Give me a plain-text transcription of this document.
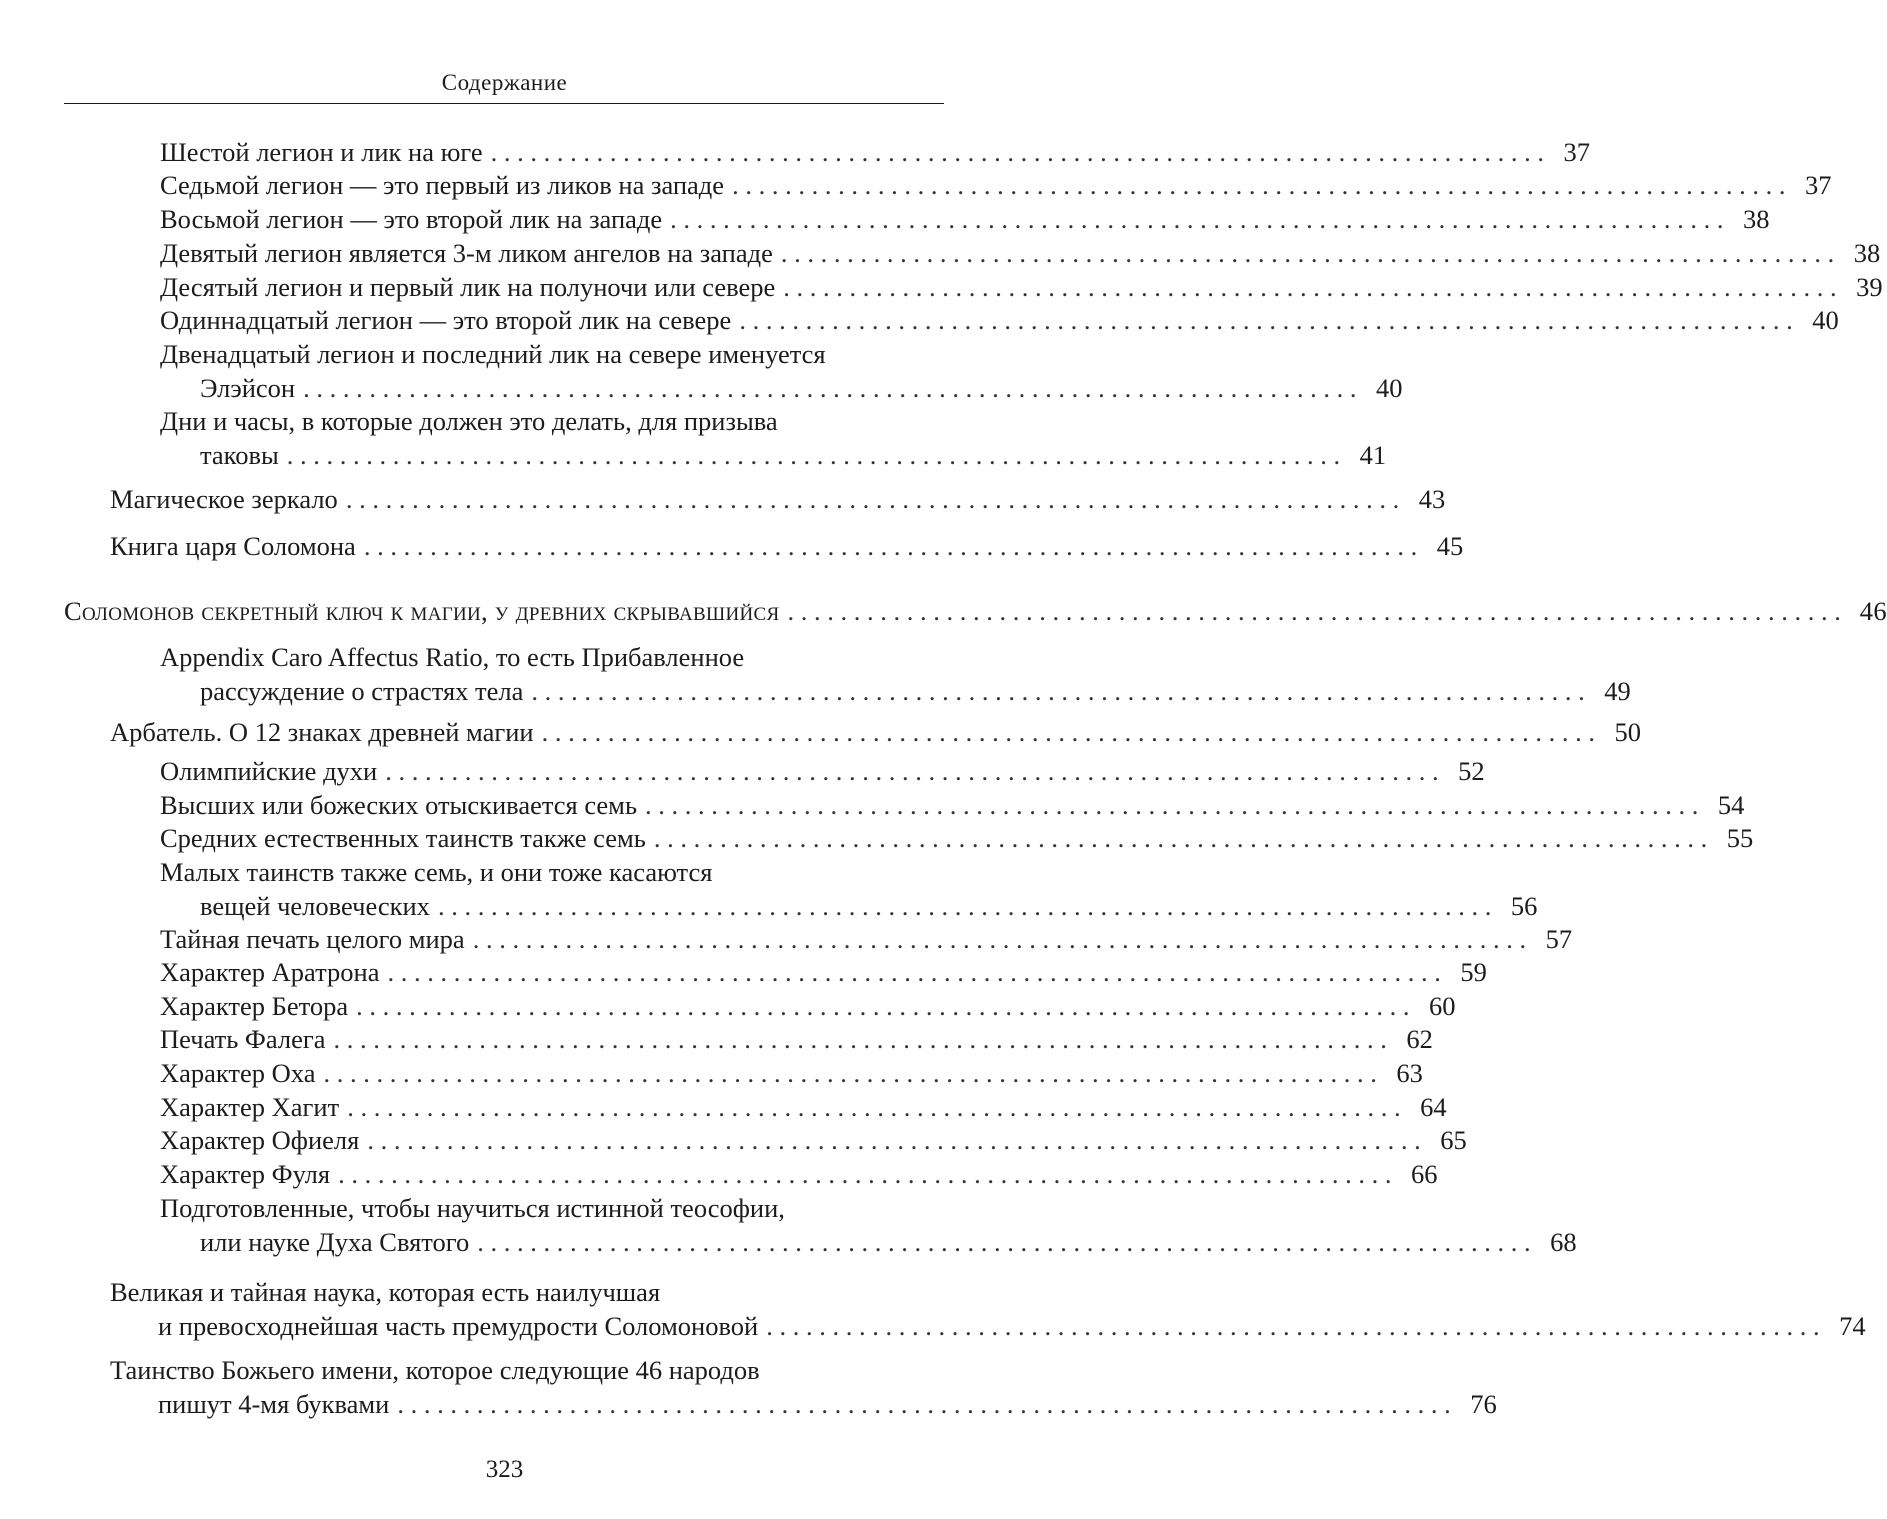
Содержание
Шестой легион и лик на юге . . . . . . . . . . . . . . . . . . . . . . . . . . . . . . . . . . . . . . . . . . . . . . . . . . . . . . . . . . . . . . . . . . . . . . . . . . . . . . . . 37
Седьмой легион — это первый из ликов на западе . . . . . . . . . . . . . . . . . . . . . . . . . . . . . . . . . . . . . . . . . . . . . . . . . . . . . . . . . . . . . . . . . . . . . . . . . . . . . . . . 37
Восьмой легион — это второй лик на западе . . . . . . . . . . . . . . . . . . . . . . . . . . . . . . . . . . . . . . . . . . . . . . . . . . . . . . . . . . . . . . . . . . . . . . . . . . . . . . . . 38
Девятый легион является 3-м ликом ангелов на западе . . . . . . . . . . . . . . . . . . . . . . . . . . . . . . . . . . . . . . . . . . . . . . . . . . . . . . . . . . . . . . . . . . . . . . . . . . . . . . . . 38
Десятый легион и первый лик на полуночи или севере . . . . . . . . . . . . . . . . . . . . . . . . . . . . . . . . . . . . . . . . . . . . . . . . . . . . . . . . . . . . . . . . . . . . . . . . . . . . . . . . 39
Одиннадцатый легион — это второй лик на севере . . . . . . . . . . . . . . . . . . . . . . . . . . . . . . . . . . . . . . . . . . . . . . . . . . . . . . . . . . . . . . . . . . . . . . . . . . . . . . . . 40
Двенадцатый легион и последний лик на севере именуется
Элэйсон . . . . . . . . . . . . . . . . . . . . . . . . . . . . . . . . . . . . . . . . . . . . . . . . . . . . . . . . . . . . . . . . . . . . . . . . . . . . . . . . 40
Дни и часы, в которые должен это делать, для призыва
таковы . . . . . . . . . . . . . . . . . . . . . . . . . . . . . . . . . . . . . . . . . . . . . . . . . . . . . . . . . . . . . . . . . . . . . . . . . . . . . . . . 41
Магическое зеркало . . . . . . . . . . . . . . . . . . . . . . . . . . . . . . . . . . . . . . . . . . . . . . . . . . . . . . . . . . . . . . . . . . . . . . . . . . . . . . . . 43
Книга царя Соломона . . . . . . . . . . . . . . . . . . . . . . . . . . . . . . . . . . . . . . . . . . . . . . . . . . . . . . . . . . . . . . . . . . . . . . . . . . . . . . . . 45
Соломонов секретный ключ к магии, у древних скрывавшийся . . . . . . . . . . . . . . . . . . . . . . . . . . . . . . . . . . . . . . . . . . . . . . . . . . . . . . . . . . . . . . . . . . . . . . . . . . . . . . . . 46
Appendix Caro Affectus Ratio, то есть Прибавленное
рассуждение о страстях тела . . . . . . . . . . . . . . . . . . . . . . . . . . . . . . . . . . . . . . . . . . . . . . . . . . . . . . . . . . . . . . . . . . . . . . . . . . . . . . . . 49
Арбатель. О 12 знаках древней магии . . . . . . . . . . . . . . . . . . . . . . . . . . . . . . . . . . . . . . . . . . . . . . . . . . . . . . . . . . . . . . . . . . . . . . . . . . . . . . . . 50
Олимпийские духи . . . . . . . . . . . . . . . . . . . . . . . . . . . . . . . . . . . . . . . . . . . . . . . . . . . . . . . . . . . . . . . . . . . . . . . . . . . . . . . . 52
Высших или божеских отыскивается семь . . . . . . . . . . . . . . . . . . . . . . . . . . . . . . . . . . . . . . . . . . . . . . . . . . . . . . . . . . . . . . . . . . . . . . . . . . . . . . . . 54
Средних естественных таинств также семь . . . . . . . . . . . . . . . . . . . . . . . . . . . . . . . . . . . . . . . . . . . . . . . . . . . . . . . . . . . . . . . . . . . . . . . . . . . . . . . . 55
Малых таинств также семь, и они тоже касаются
вещей человеческих . . . . . . . . . . . . . . . . . . . . . . . . . . . . . . . . . . . . . . . . . . . . . . . . . . . . . . . . . . . . . . . . . . . . . . . . . . . . . . . . 56
Тайная печать целого мира . . . . . . . . . . . . . . . . . . . . . . . . . . . . . . . . . . . . . . . . . . . . . . . . . . . . . . . . . . . . . . . . . . . . . . . . . . . . . . . . 57
Характер Аратрона . . . . . . . . . . . . . . . . . . . . . . . . . . . . . . . . . . . . . . . . . . . . . . . . . . . . . . . . . . . . . . . . . . . . . . . . . . . . . . . . 59
Характер Бетора . . . . . . . . . . . . . . . . . . . . . . . . . . . . . . . . . . . . . . . . . . . . . . . . . . . . . . . . . . . . . . . . . . . . . . . . . . . . . . . . 60
Печать Фалега . . . . . . . . . . . . . . . . . . . . . . . . . . . . . . . . . . . . . . . . . . . . . . . . . . . . . . . . . . . . . . . . . . . . . . . . . . . . . . . . 62
Характер Оха . . . . . . . . . . . . . . . . . . . . . . . . . . . . . . . . . . . . . . . . . . . . . . . . . . . . . . . . . . . . . . . . . . . . . . . . . . . . . . . . 63
Характер Хагит . . . . . . . . . . . . . . . . . . . . . . . . . . . . . . . . . . . . . . . . . . . . . . . . . . . . . . . . . . . . . . . . . . . . . . . . . . . . . . . . 64
Характер Офиеля . . . . . . . . . . . . . . . . . . . . . . . . . . . . . . . . . . . . . . . . . . . . . . . . . . . . . . . . . . . . . . . . . . . . . . . . . . . . . . . . 65
Характер Фуля . . . . . . . . . . . . . . . . . . . . . . . . . . . . . . . . . . . . . . . . . . . . . . . . . . . . . . . . . . . . . . . . . . . . . . . . . . . . . . . . 66
Подготовленные, чтобы научиться истинной теософии,
или науке Духа Святого . . . . . . . . . . . . . . . . . . . . . . . . . . . . . . . . . . . . . . . . . . . . . . . . . . . . . . . . . . . . . . . . . . . . . . . . . . . . . . . . 68
Великая и тайная наука, которая есть наилучшая
и превосходнейшая часть премудрости Соломоновой . . . . . . . . . . . . . . . . . . . . . . . . . . . . . . . . . . . . . . . . . . . . . . . . . . . . . . . . . . . . . . . . . . . . . . . . . . . . . . . . 74
Таинство Божьего имени, которое следующие 46 народов
пишут 4-мя буквами . . . . . . . . . . . . . . . . . . . . . . . . . . . . . . . . . . . . . . . . . . . . . . . . . . . . . . . . . . . . . . . . . . . . . . . . . . . . . . . . 76
323
